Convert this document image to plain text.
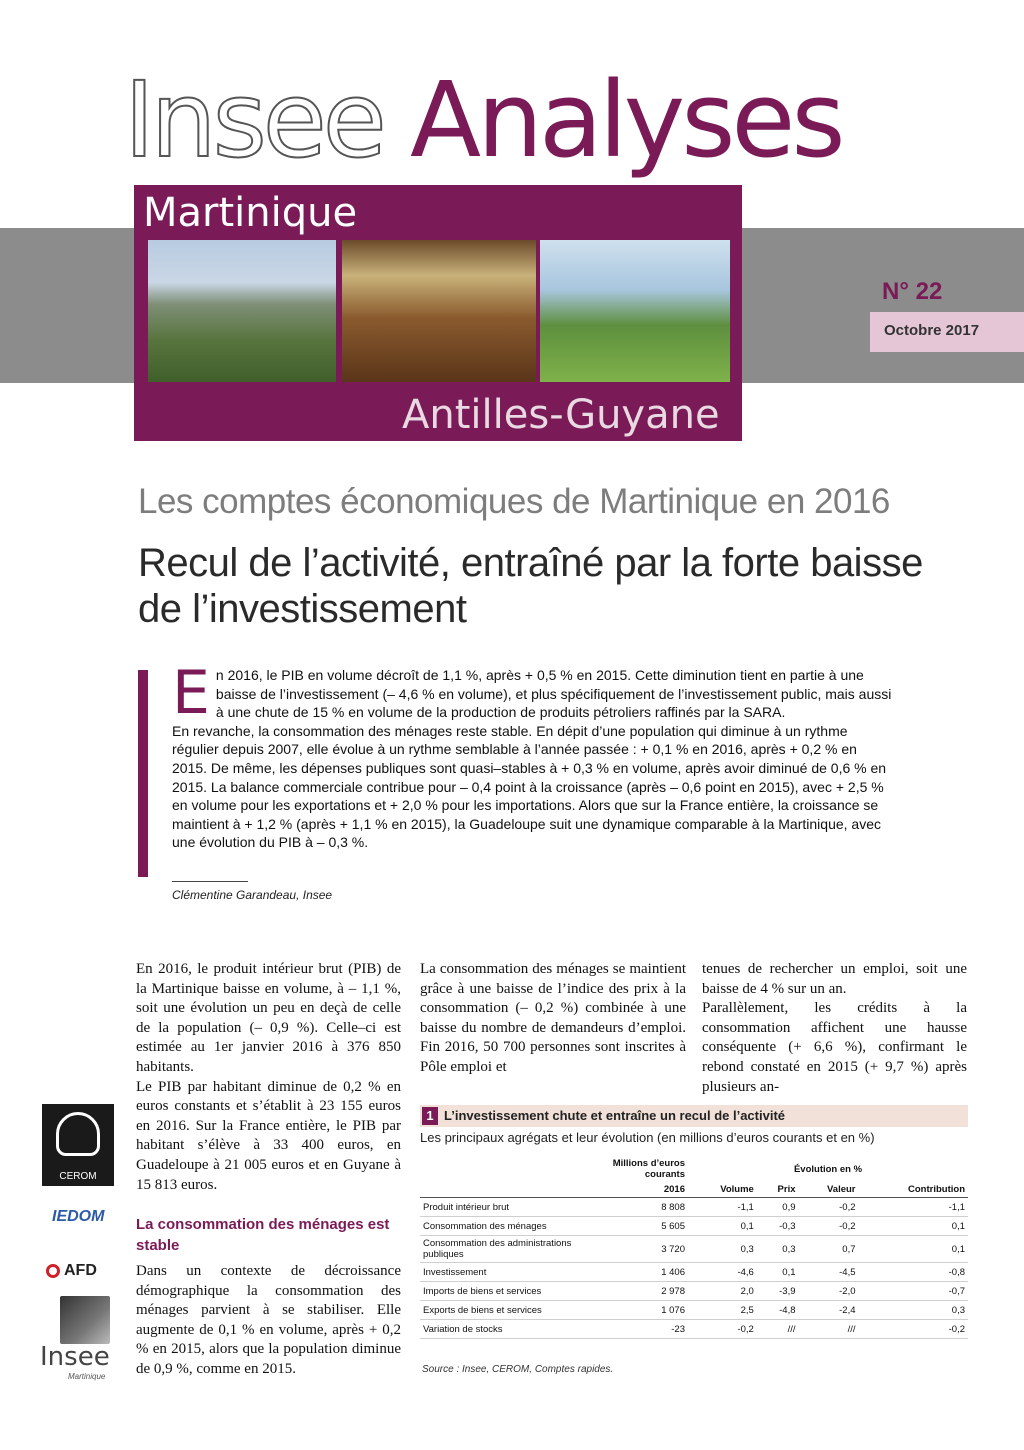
Insee Analyses
Martinique
Antilles-Guyane
N° 22
Octobre 2017
Les comptes économiques de Martinique en 2016
Recul de l’activité, entraîné par la forte baisse de l’investissement
E n 2016, le PIB en volume décroît de 1,1 %, après + 0,5 % en 2015. Cette diminution tient en partie à une baisse de l’investissement (– 4,6 % en volume), et plus spécifiquement de l’investissement public, mais aussi à une chute de 15 % en volume de la production de produits pétroliers raffinés par la SARA.

En revanche, la consommation des ménages reste stable. En dépit d’une population qui diminue à un rythme régulier depuis 2007, elle évolue à un rythme semblable à l’année passée : + 0,1 % en 2016, après + 0,2 % en 2015. De même, les dépenses publiques sont quasi–stables à + 0,3 % en volume, après avoir diminué de 0,6 % en 2015. La balance commerciale contribue pour – 0,4 point à la croissance (après – 0,6 point en 2015), avec + 2,5 % en volume pour les exportations et + 2,0 % pour les importations. Alors que sur la France entière, la croissance se maintient à + 1,2 % (après + 1,1 % en 2015), la Guadeloupe suit une dynamique comparable à la Martinique, avec une évolution du PIB à – 0,3 %.

Clémentine Garandeau, Insee

En 2016, le produit intérieur brut (PIB) de la Martinique baisse en volume, à – 1,1 %, soit une évolution un peu en deçà de celle de la population (– 0,9 %). Celle–ci est estimée au 1er janvier 2016 à 376 850 habitants.

Le PIB par habitant diminue de 0,2 % en euros constants et s’établit à 23 155 euros en 2016. Sur la France entière, le PIB par habitant s’élève à 33 400 euros, en Guadeloupe à 21 005 euros et en Guyane à 15 813 euros.

La consommation des ménages est stable

Dans un contexte de décroissance démographique la consommation des ménages parvient à se stabiliser. Elle augmente de 0,1 % en volume, après + 0,2 % en 2015, alors que la population diminue de 0,9 %, comme en 2015.

La consommation des ménages se maintient grâce à une baisse de l’indice des prix à la consommation (– 0,2 %) combinée à une baisse du nombre de demandeurs d’emploi. Fin 2016, 50 700 personnes sont inscrites à Pôle emploi et

tenues de rechercher un emploi, soit une baisse de 4 % sur un an.

Parallèlement, les crédits à la consommation affichent une hausse conséquente (+ 6,6 %), confirmant le rebond constaté en 2015 (+ 9,7 %) après plusieurs an-

CEROM
IEDOM
AFD
Insee
Martinique
1 L’investissement chute et entraîne un recul de l’activité
Les principaux agrégats et leur évolution (en millions d’euros courants et en %)
	Millions d’euros courants	Évolution en %			
	2016	Volume	Prix	Valeur	Contribution
Produit intérieur brut	8 808	-1,1	0,9	-0,2	-1,1
Consommation des ménages	5 605	0,1	-0,3	-0,2	0,1
Consommation des administrations publiques	3 720	0,3	0,3	0,7	0,1
Investissement	1 406	-4,6	0,1	-4,5	-0,8
Imports de biens et services	2 978	2,0	-3,9	-2,0	-0,7
Exports de biens et services	1 076	2,5	-4,8	-2,4	0,3
Variation de stocks	-23	-0,2	///	///	-0,2
Source : Insee, CEROM, Comptes rapides.
